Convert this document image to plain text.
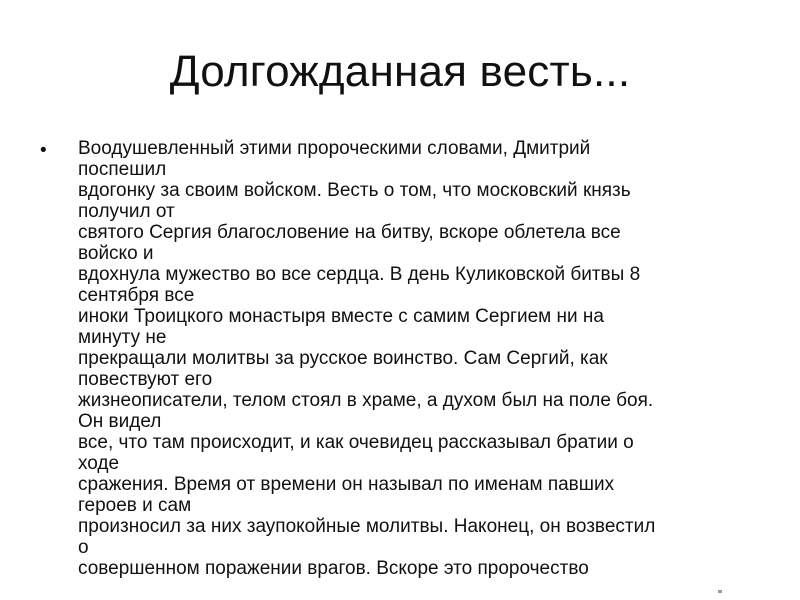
Долгожданная весть...
• Воодушевленный этими пророческими словами, Дмитрий
поспешил
вдогонку за своим войском. Весть о том, что московский князь
получил от
святого Сергия благословение на битву, вскоре облетела все
войско и
вдохнула мужество во все сердца. В день Куликовской битвы 8
сентября все
иноки Троицкого монастыря вместе с самим Сергием ни на
минуту не
прекращали молитвы за русское воинство. Сам Сергий, как
повествуют его
жизнеописатели, телом стоял в храме, а духом был на поле боя.
Он видел
все, что там происходит, и как очевидец рассказывал братии о
ходе
сражения. Время от времени он называл по именам павших
героев и сам
произносил за них заупокойные молитвы. Наконец, он возвестил
о
совершенном поражении врагов. Вскоре это пророчество
